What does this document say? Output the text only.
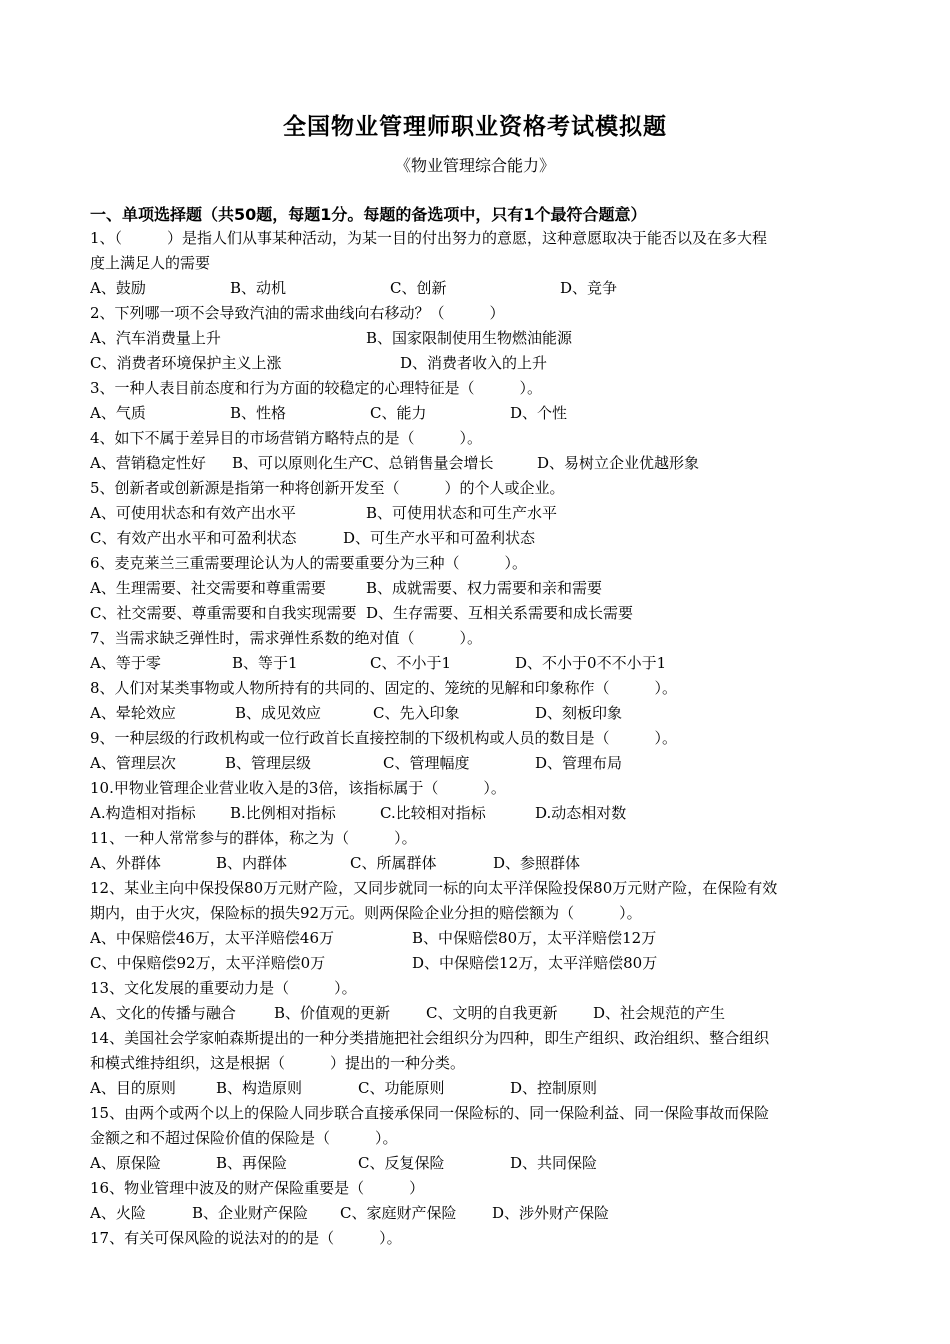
全国物业管理师职业资格考试模拟题
《物业管理综合能力》
一、单项选择题（共50题，每题1分。每题的备选项中，只有1个最符合题意）
1、（　　　）是指人们从事某种活动，为某一目的付出努力的意愿，这种意愿取决于能否以及在多大程
度上满足人的需要
A、鼓励	B、动机	C、创新	D、竞争
2、下列哪一项不会导致汽油的需求曲线向右移动？（　　　）
A、汽车消费量上升	B、国家限制使用生物燃油能源
C、消费者环境保护主义上涨	D、消费者收入的上升
3、一种人表目前态度和行为方面的较稳定的心理特征是（　　　）。
A、气质	B、性格	C、能力	D、个性
4、如下不属于差异目的市场营销方略特点的是（　　　）。
A、营销稳定性好 B、可以原则化生产
C、总销售量会增长	D、易树立企业优越形象
5、创新者或创新源是指第一种将创新开发至（　　　）的个人或企业。
A、可使用状态和有效产出水平	B、可使用状态和可生产水平
C、有效产出水平和可盈利状态	D、可生产水平和可盈利状态
6、麦克莱兰三重需要理论认为人的需要重要分为三种（　　　）。
A、生理需要、社交需要和尊重需要	B、成就需要、权力需要和亲和需要
C、社交需要、尊重需要和自我实现需要 D、生存需要、互相关系需要和成长需要
7、当需求缺乏弹性时，需求弹性系数的绝对值（　　　）。
A、等于零	B、等于1	C、不小于1	D、不小于0不不小于1
8、人们对某类事物或人物所持有的共同的、固定的、笼统的见解和印象称作（　　　）。
A、晕轮效应	B、成见效应	C、先入印象	D、刻板印象
9、一种层级的行政机构或一位行政首长直接控制的下级机构或人员的数目是（　　　）。
A、管理层次	B、管理层级	C、管理幅度	D、管理布局
10.甲物业管理企业营业收入是的3倍，该指标属于（　　　）。
A.构造相对指标 B.比例相对指标	C.比较相对指标	D.动态相对数
11、一种人常常参与的群体，称之为（　　　）。
A、外群体	B、内群体	C、所属群体	D、参照群体
12、某业主向中保投保80万元财产险，又同步就同一标的向太平洋保险投保80万元财产险，在保险有效
期内，由于火灾，保险标的损失92万元。则两保险企业分担的赔偿额为（　　　）。
A、中保赔偿46万，太平洋赔偿46万	B、中保赔偿80万，太平洋赔偿12万
C、中保赔偿92万，太平洋赔偿0万	D、中保赔偿12万，太平洋赔偿80万
13、文化发展的重要动力是（　　　）。
A、文化的传播与融合	B、价值观的更新 C、文明的自我更新 D、社会规范的产生
14、美国社会学家帕森斯提出的一种分类措施把社会组织分为四种，即生产组织、政治组织、整合组织
和模式维持组织，这是根据（　　　）提出的一种分类。
A、目的原则	B、构造原则	C、功能原则	D、控制原则
15、由两个或两个以上的保险人同步联合直接承保同一保险标的、同一保险利益、同一保险事故而保险
金额之和不超过保险价值的保险是（　　　）。
A、原保险	B、再保险	C、反复保险	D、共同保险
16、物业管理中波及的财产保险重要是（　　　）
A、火险	B、企业财产保险 C、家庭财产保险 D、涉外财产保险
17、有关可保风险的说法对的的是（　　　）。
